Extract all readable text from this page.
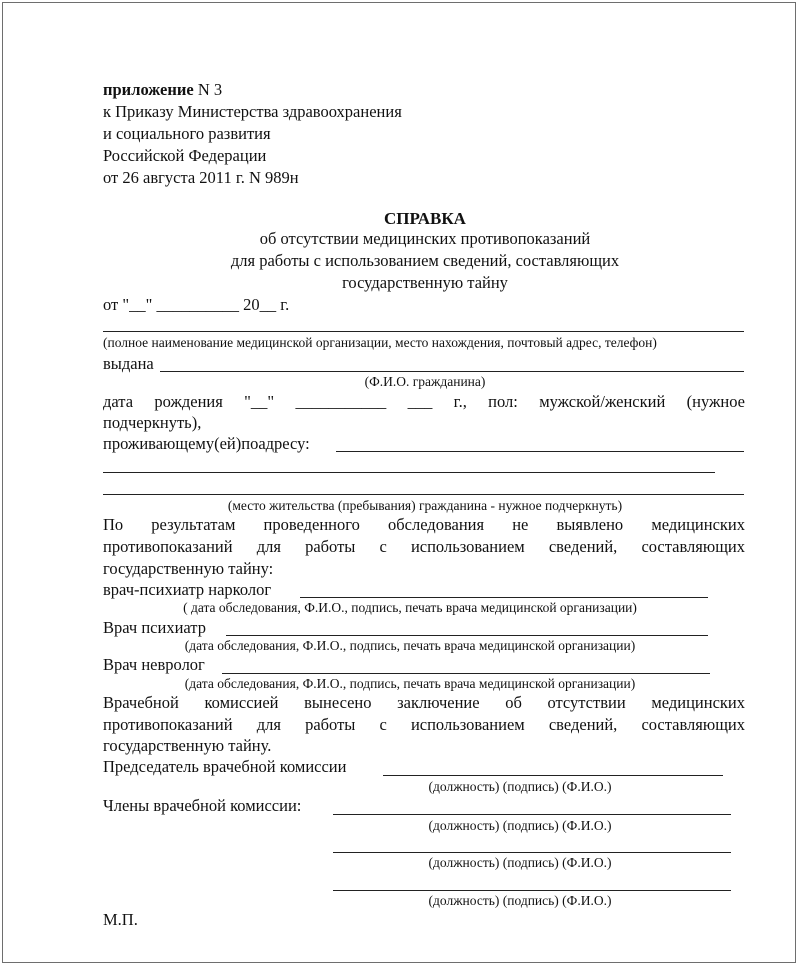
приложение N 3
к Приказу Министерства здравоохранения
и социального развития
Российской Федерации
от 26 августа 2011 г. N 989н
СПРАВКА
об отсутствии медицинских противопоказаний
для работы с использованием сведений, составляющих
государственную тайну
от "__" __________ 20__ г.
(полное наименование медицинской организации, место нахождения, почтовый адрес, телефон)
выдана
(Ф.И.О. гражданина)
дата рождения "__" ___________ ___ г., пол: мужской/женский (нужное
подчеркнуть),
проживающему(ей)поадресу:
(место жительства (пребывания) гражданина - нужное подчеркнуть)
По результатам проведенного обследования не выявлено медицинских
противопоказаний для работы с использованием сведений, составляющих
государственную тайну:
врач-психиатр нарколог
( дата обследования, Ф.И.О., подпись, печать врача медицинской организации)
Врач психиатр
(дата обследования, Ф.И.О., подпись, печать врача медицинской организации)
Врач невролог
(дата обследования, Ф.И.О., подпись, печать врача медицинской организации)
Врачебной комиссией вынесено заключение об отсутствии медицинских
противопоказаний для работы с использованием сведений, составляющих
государственную тайну.
Председатель врачебной комиссии
(должность) (подпись) (Ф.И.О.)
Члены врачебной комиссии:
(должность) (подпись) (Ф.И.О.)
(должность) (подпись) (Ф.И.О.)
(должность) (подпись) (Ф.И.О.)
М.П.
